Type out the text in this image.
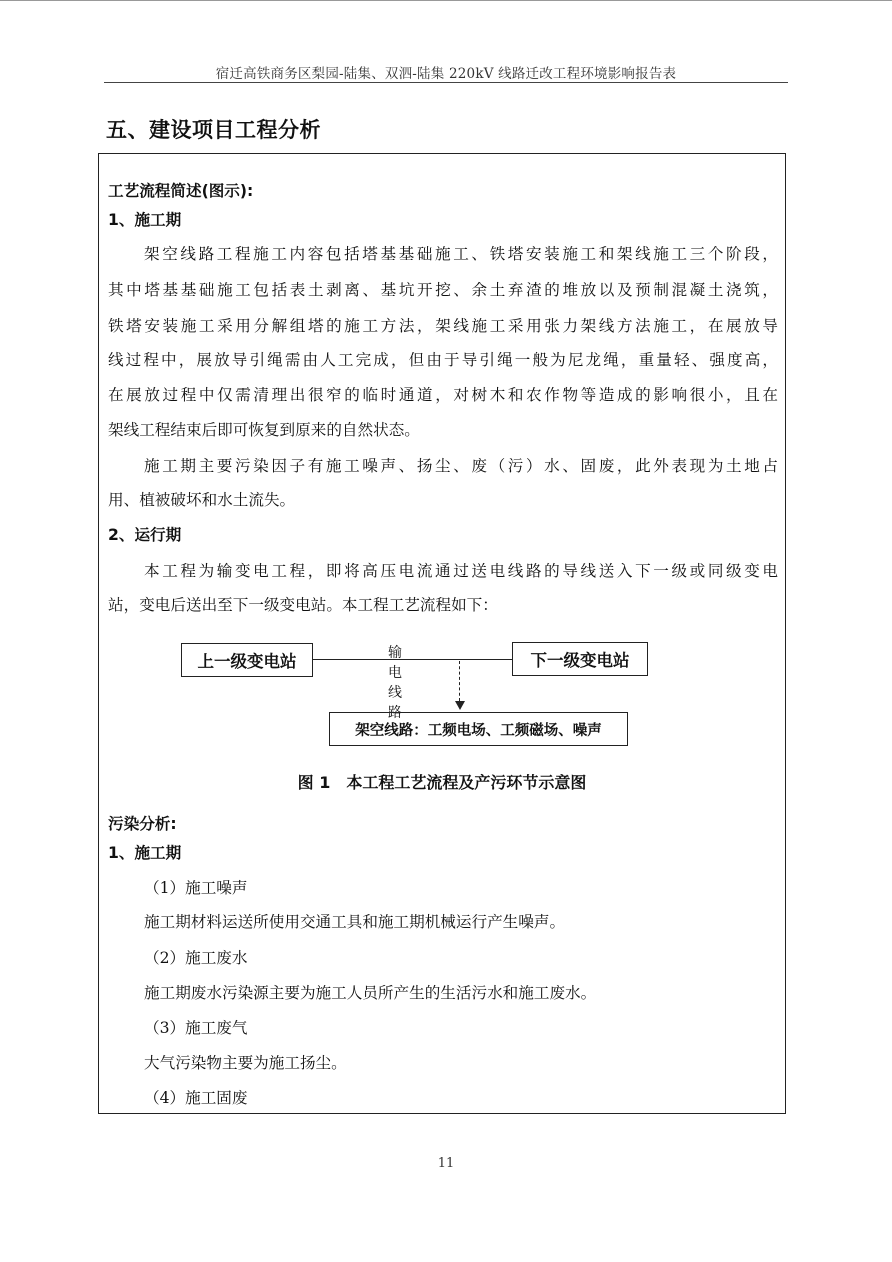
宿迁高铁商务区梨园-陆集、双泗-陆集 220kV 线路迁改工程环境影响报告表
五、建设项目工程分析
工艺流程简述(图示):
1、施工期
架空线路工程施工内容包括塔基基础施工、铁塔安装施工和架线施工三个阶段，
其中塔基基础施工包括表土剥离、基坑开挖、余土弃渣的堆放以及预制混凝土浇筑，
铁塔安装施工采用分解组塔的施工方法，架线施工采用张力架线方法施工，在展放导
线过程中，展放导引绳需由人工完成，但由于导引绳一般为尼龙绳，重量轻、强度高，
在展放过程中仅需清理出很窄的临时通道，对树木和农作物等造成的影响很小，且在
架线工程结束后即可恢复到原来的自然状态。
施工期主要污染因子有施工噪声、扬尘、废（污）水、固废，此外表现为土地占
用、植被破坏和水土流失。
2、运行期
本工程为输变电工程，即将高压电流通过送电线路的导线送入下一级或同级变电
站，变电后送出至下一级变电站。本工程工艺流程如下：
上一级变电站	输电线路
下一级变电站
架空线路：工频电场、工频磁场、噪声
图 1　本工程工艺流程及产污环节示意图
污染分析:
1、施工期
（1）施工噪声
施工期材料运送所使用交通工具和施工期机械运行产生噪声。
（2）施工废水
施工期废水污染源主要为施工人员所产生的生活污水和施工废水。
（3）施工废气
大气污染物主要为施工扬尘。
（4）施工固废
11
